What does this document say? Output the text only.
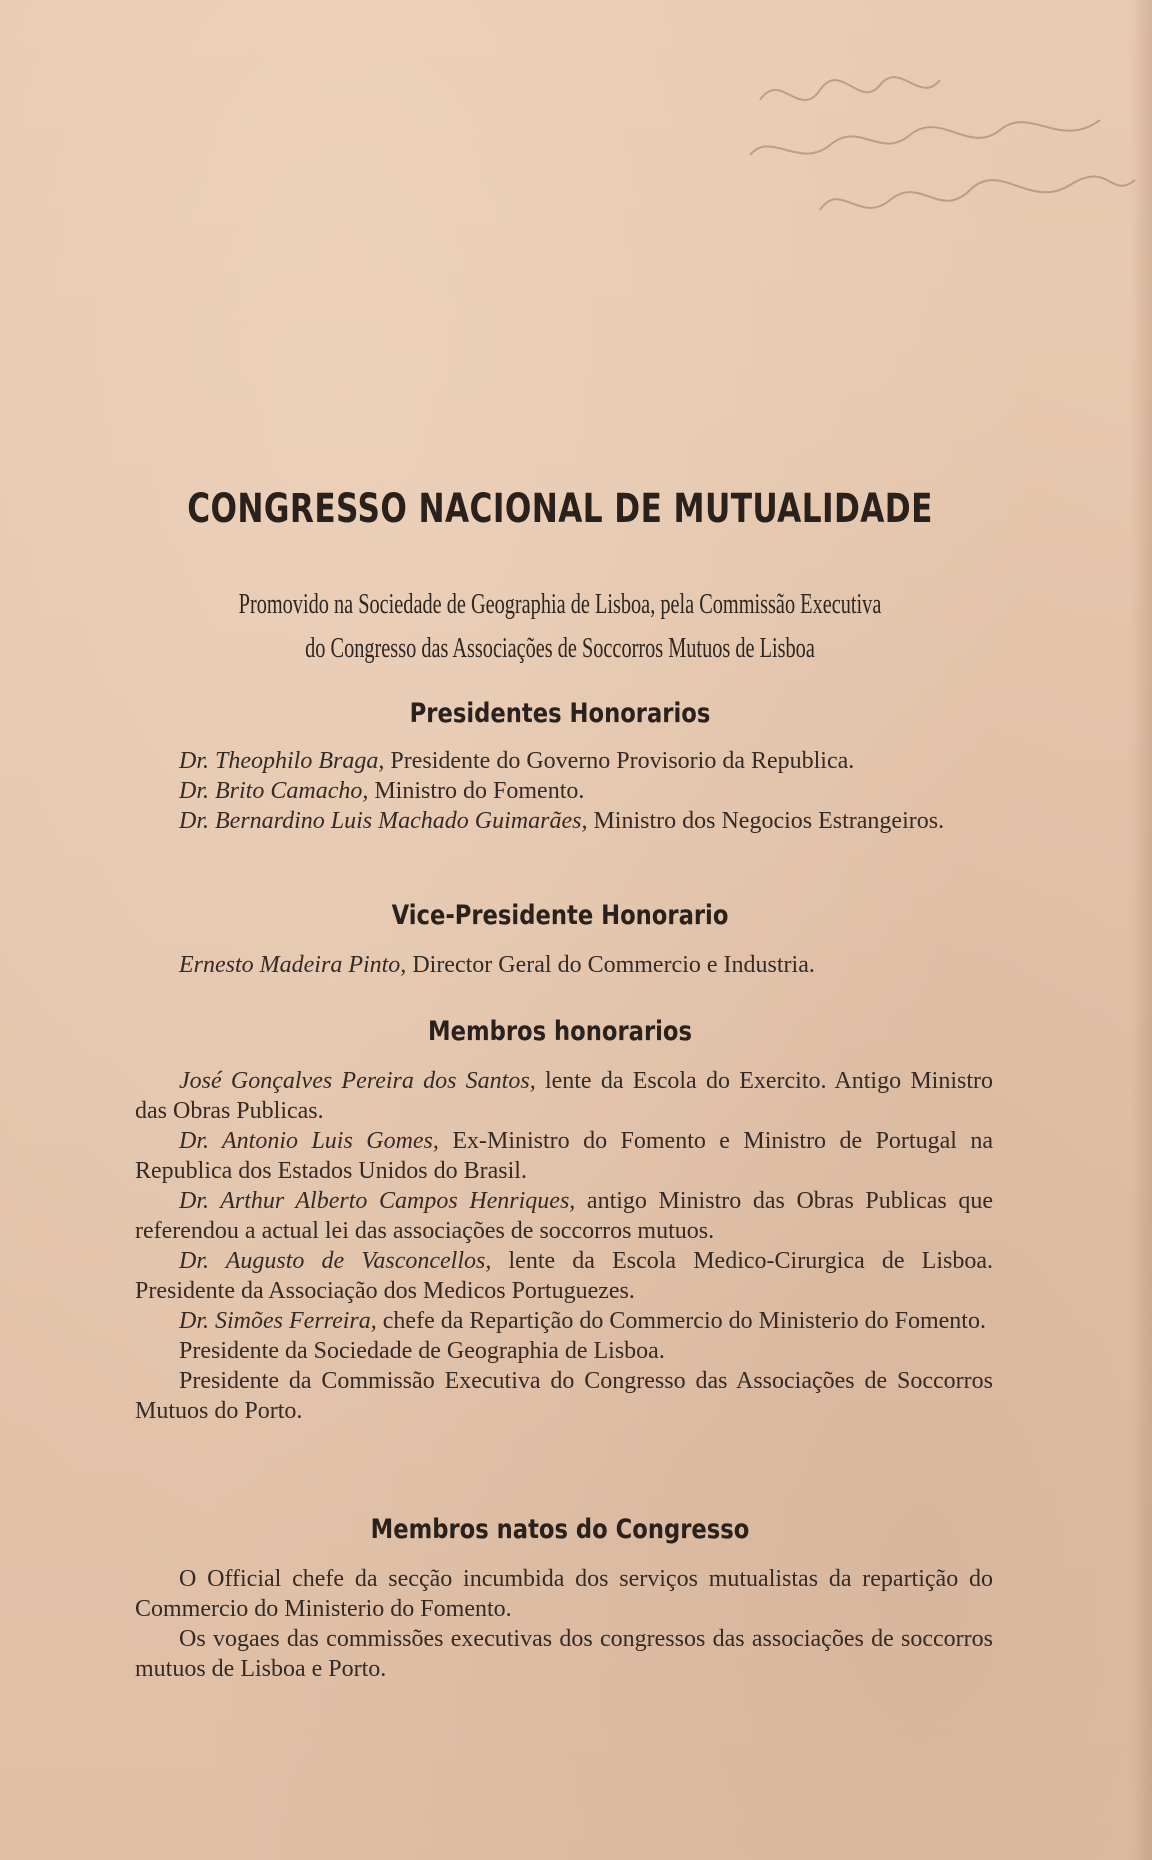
CONGRESSO NACIONAL DE MUTUALIDADE
Promovido na Sociedade de Geographia de Lisboa, pela Commissão Executiva
do Congresso das Associações de Soccorros Mutuos de Lisboa
Presidentes Honorarios

Dr. Theophilo Braga, Presidente do Governo Provisorio da Republica.

Dr. Brito Camacho, Ministro do Fomento.

Dr. Bernardino Luis Machado Guimarães, Ministro dos Negocios Estrangeiros.

Vice-Presidente Honorario

Ernesto Madeira Pinto, Director Geral do Commercio e Industria.

Membros honorarios

José Gonçalves Pereira dos Santos, lente da Escola do Exercito. Antigo Ministro das Obras Publicas.

Dr. Antonio Luis Gomes, Ex-Ministro do Fomento e Ministro de Portugal na Republica dos Estados Unidos do Brasil.

Dr. Arthur Alberto Campos Henriques, antigo Ministro das Obras Publicas que referendou a actual lei das associações de soccorros mutuos.

Dr. Augusto de Vasconcellos, lente da Escola Medico-Cirurgica de Lisboa. Presidente da Associação dos Medicos Portuguezes.

Dr. Simões Ferreira, chefe da Repartição do Commercio do Ministerio do Fomento.

Presidente da Sociedade de Geographia de Lisboa.

Presidente da Commissão Executiva do Congresso das Associações de Soccorros Mutuos do Porto.

Membros natos do Congresso

O Official chefe da secção incumbida dos serviços mutualistas da repartição do Commercio do Ministerio do Fomento.

Os vogaes das commissões executivas dos congressos das associações de soccorros mutuos de Lisboa e Porto.
